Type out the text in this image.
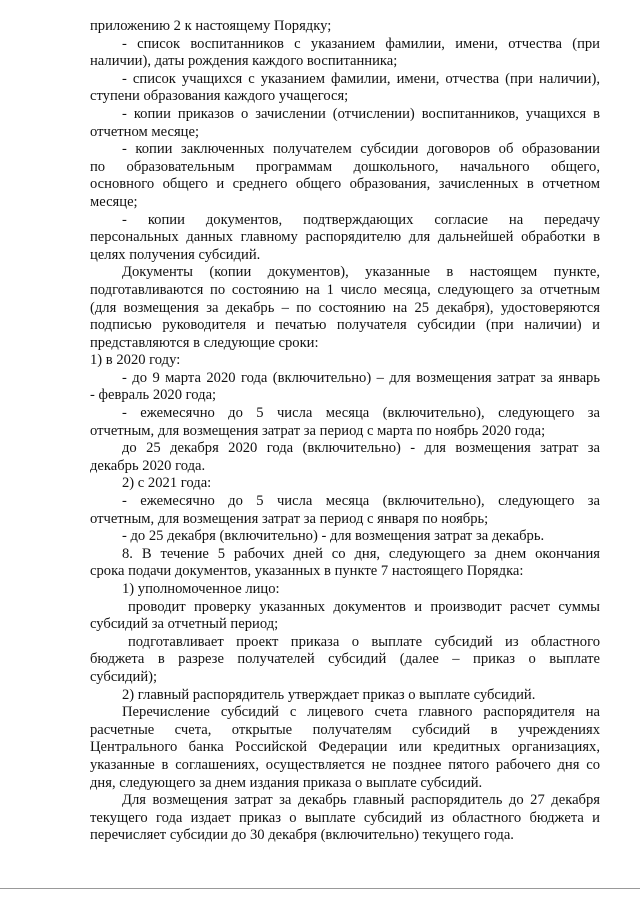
приложению 2 к настоящему Порядку;
- список воспитанников с указанием фамилии, имени, отчества (при
наличии), даты рождения каждого воспитанника;
- список учащихся с указанием фамилии, имени, отчества (при наличии),
ступени образования каждого учащегося;
- копии приказов о зачислении (отчислении) воспитанников, учащихся в
отчетном месяце;
- копии заключенных получателем субсидии договоров об образовании
по образовательным программам дошкольного, начального общего,
основного общего и среднего общего образования, зачисленных в отчетном
месяце;
- копии документов, подтверждающих согласие на передачу
персональных данных главному распорядителю для дальнейшей обработки в
целях получения субсидий.
Документы (копии документов), указанные в настоящем пункте,
подготавливаются по состоянию на 1 число месяца, следующего за отчетным
(для возмещения за декабрь – по состоянию на 25 декабря), удостоверяются
подписью руководителя и печатью получателя субсидии (при наличии) и
представляются в следующие сроки:
1) в 2020 году:
- до 9 марта 2020 года (включительно) – для возмещения затрат за январь
- февраль 2020 года;
- ежемесячно до 5 числа месяца (включительно), следующего за
отчетным, для возмещения затрат за период с марта по ноябрь 2020 года;
до 25 декабря 2020 года (включительно) - для возмещения затрат за
декабрь 2020 года.
2) с 2021 года:
- ежемесячно до 5 числа месяца (включительно), следующего за
отчетным, для возмещения затрат за период с января по ноябрь;
- до 25 декабря (включительно) - для возмещения затрат за декабрь.
8. В течение 5 рабочих дней со дня, следующего за днем окончания
срока подачи документов, указанных в пункте 7 настоящего Порядка:
1) уполномоченное лицо:
проводит проверку указанных документов и производит расчет суммы
субсидий за отчетный период;
подготавливает проект приказа о выплате субсидий из областного
бюджета в разрезе получателей субсидий (далее – приказ о выплате
субсидий);
2) главный распорядитель утверждает приказ о выплате субсидий.
Перечисление субсидий с лицевого счета главного распорядителя на
расчетные счета, открытые получателям субсидий в учреждениях
Центрального банка Российской Федерации или кредитных организациях,
указанные в соглашениях, осуществляется не позднее пятого рабочего дня со
дня, следующего за днем издания приказа о выплате субсидий.
Для возмещения затрат за декабрь главный распорядитель до 27 декабря
текущего года издает приказ о выплате субсидий из областного бюджета и
перечисляет субсидии до 30 декабря (включительно) текущего года.
